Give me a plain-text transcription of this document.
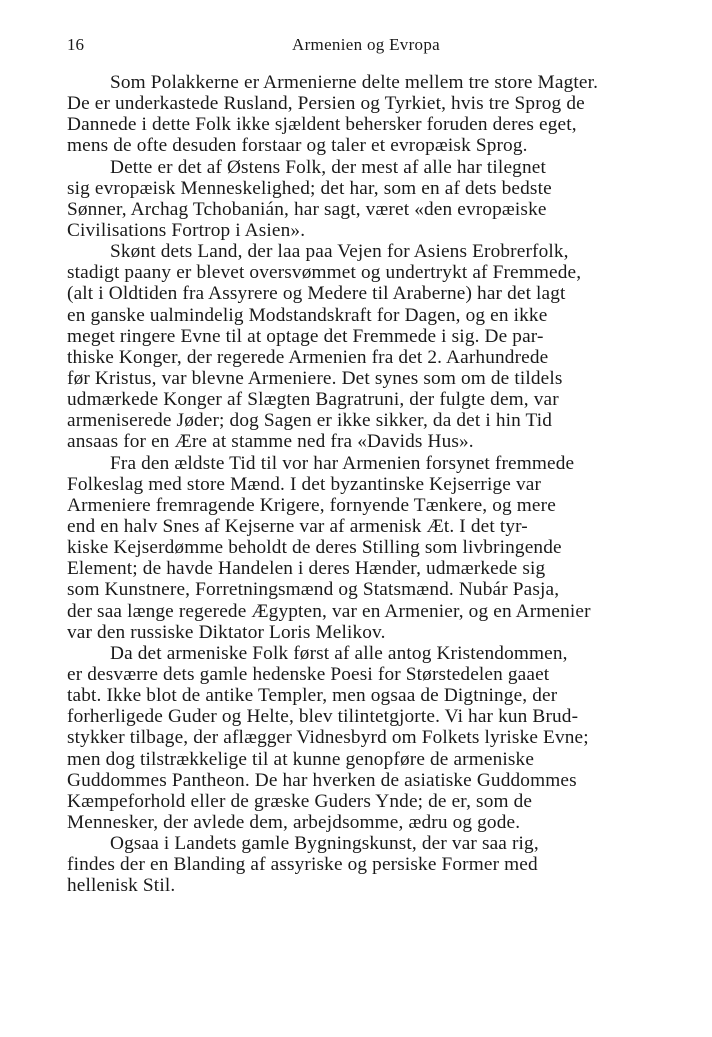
16	Armenien og Evropa
Som Polakkerne er Armenierne delte mellem tre store Magter.
De er underkastede Rusland, Persien og Tyrkiet, hvis tre Sprog de
Dannede i dette Folk ikke sjældent behersker foruden deres eget,
mens de ofte desuden forstaar og taler et evropæisk Sprog.
Dette er det af Østens Folk, der mest af alle har tilegnet
sig evropæisk Menneskelighed; det har, som en af dets bedste
Sønner, Archag Tchobanián, har sagt, været «den evropæiske
Civilisations Fortrop i Asien».
Skønt dets Land, der laa paa Vejen for Asiens Erobrerfolk,
stadigt paany er blevet oversvømmet og undertrykt af Fremmede,
(alt i Oldtiden fra Assyrere og Medere til Araberne) har det lagt
en ganske ualmindelig Modstandskraft for Dagen, og en ikke
meget ringere Evne til at optage det Fremmede i sig. De par-
thiske Konger, der regerede Armenien fra det 2. Aarhundrede
før Kristus, var blevne Armeniere. Det synes som om de tildels
udmærkede Konger af Slægten Bagratruni, der fulgte dem, var
armeniserede Jøder; dog Sagen er ikke sikker, da det i hin Tid
ansaas for en Ære at stamme ned fra «Davids Hus».
Fra den ældste Tid til vor har Armenien forsynet fremmede
Folkeslag med store Mænd. I det byzantinske Kejserrige var
Armeniere fremragende Krigere, fornyende Tænkere, og mere
end en halv Snes af Kejserne var af armenisk Æt. I det tyr-
kiske Kejserdømme beholdt de deres Stilling som livbringende
Element; de havde Handelen i deres Hænder, udmærkede sig
som Kunstnere, Forretningsmænd og Statsmænd. Nubár Pasja,
der saa længe regerede Ægypten, var en Armenier, og en Armenier
var den russiske Diktator Loris Melikov.
Da det armeniske Folk først af alle antog Kristendommen,
er desværre dets gamle hedenske Poesi for Størstedelen gaaet
tabt. Ikke blot de antike Templer, men ogsaa de Digtninge, der
forherligede Guder og Helte, blev tilintetgjorte. Vi har kun Brud-
stykker tilbage, der aflægger Vidnesbyrd om Folkets lyriske Evne;
men dog tilstrækkelige til at kunne genopføre de armeniske
Guddommes Pantheon. De har hverken de asiatiske Guddommes
Kæmpeforhold eller de græske Guders Ynde; de er, som de
Mennesker, der avlede dem, arbejdsomme, ædru og gode.
Ogsaa i Landets gamle Bygningskunst, der var saa rig,
findes der en Blanding af assyriske og persiske Former med
hellenisk Stil.
